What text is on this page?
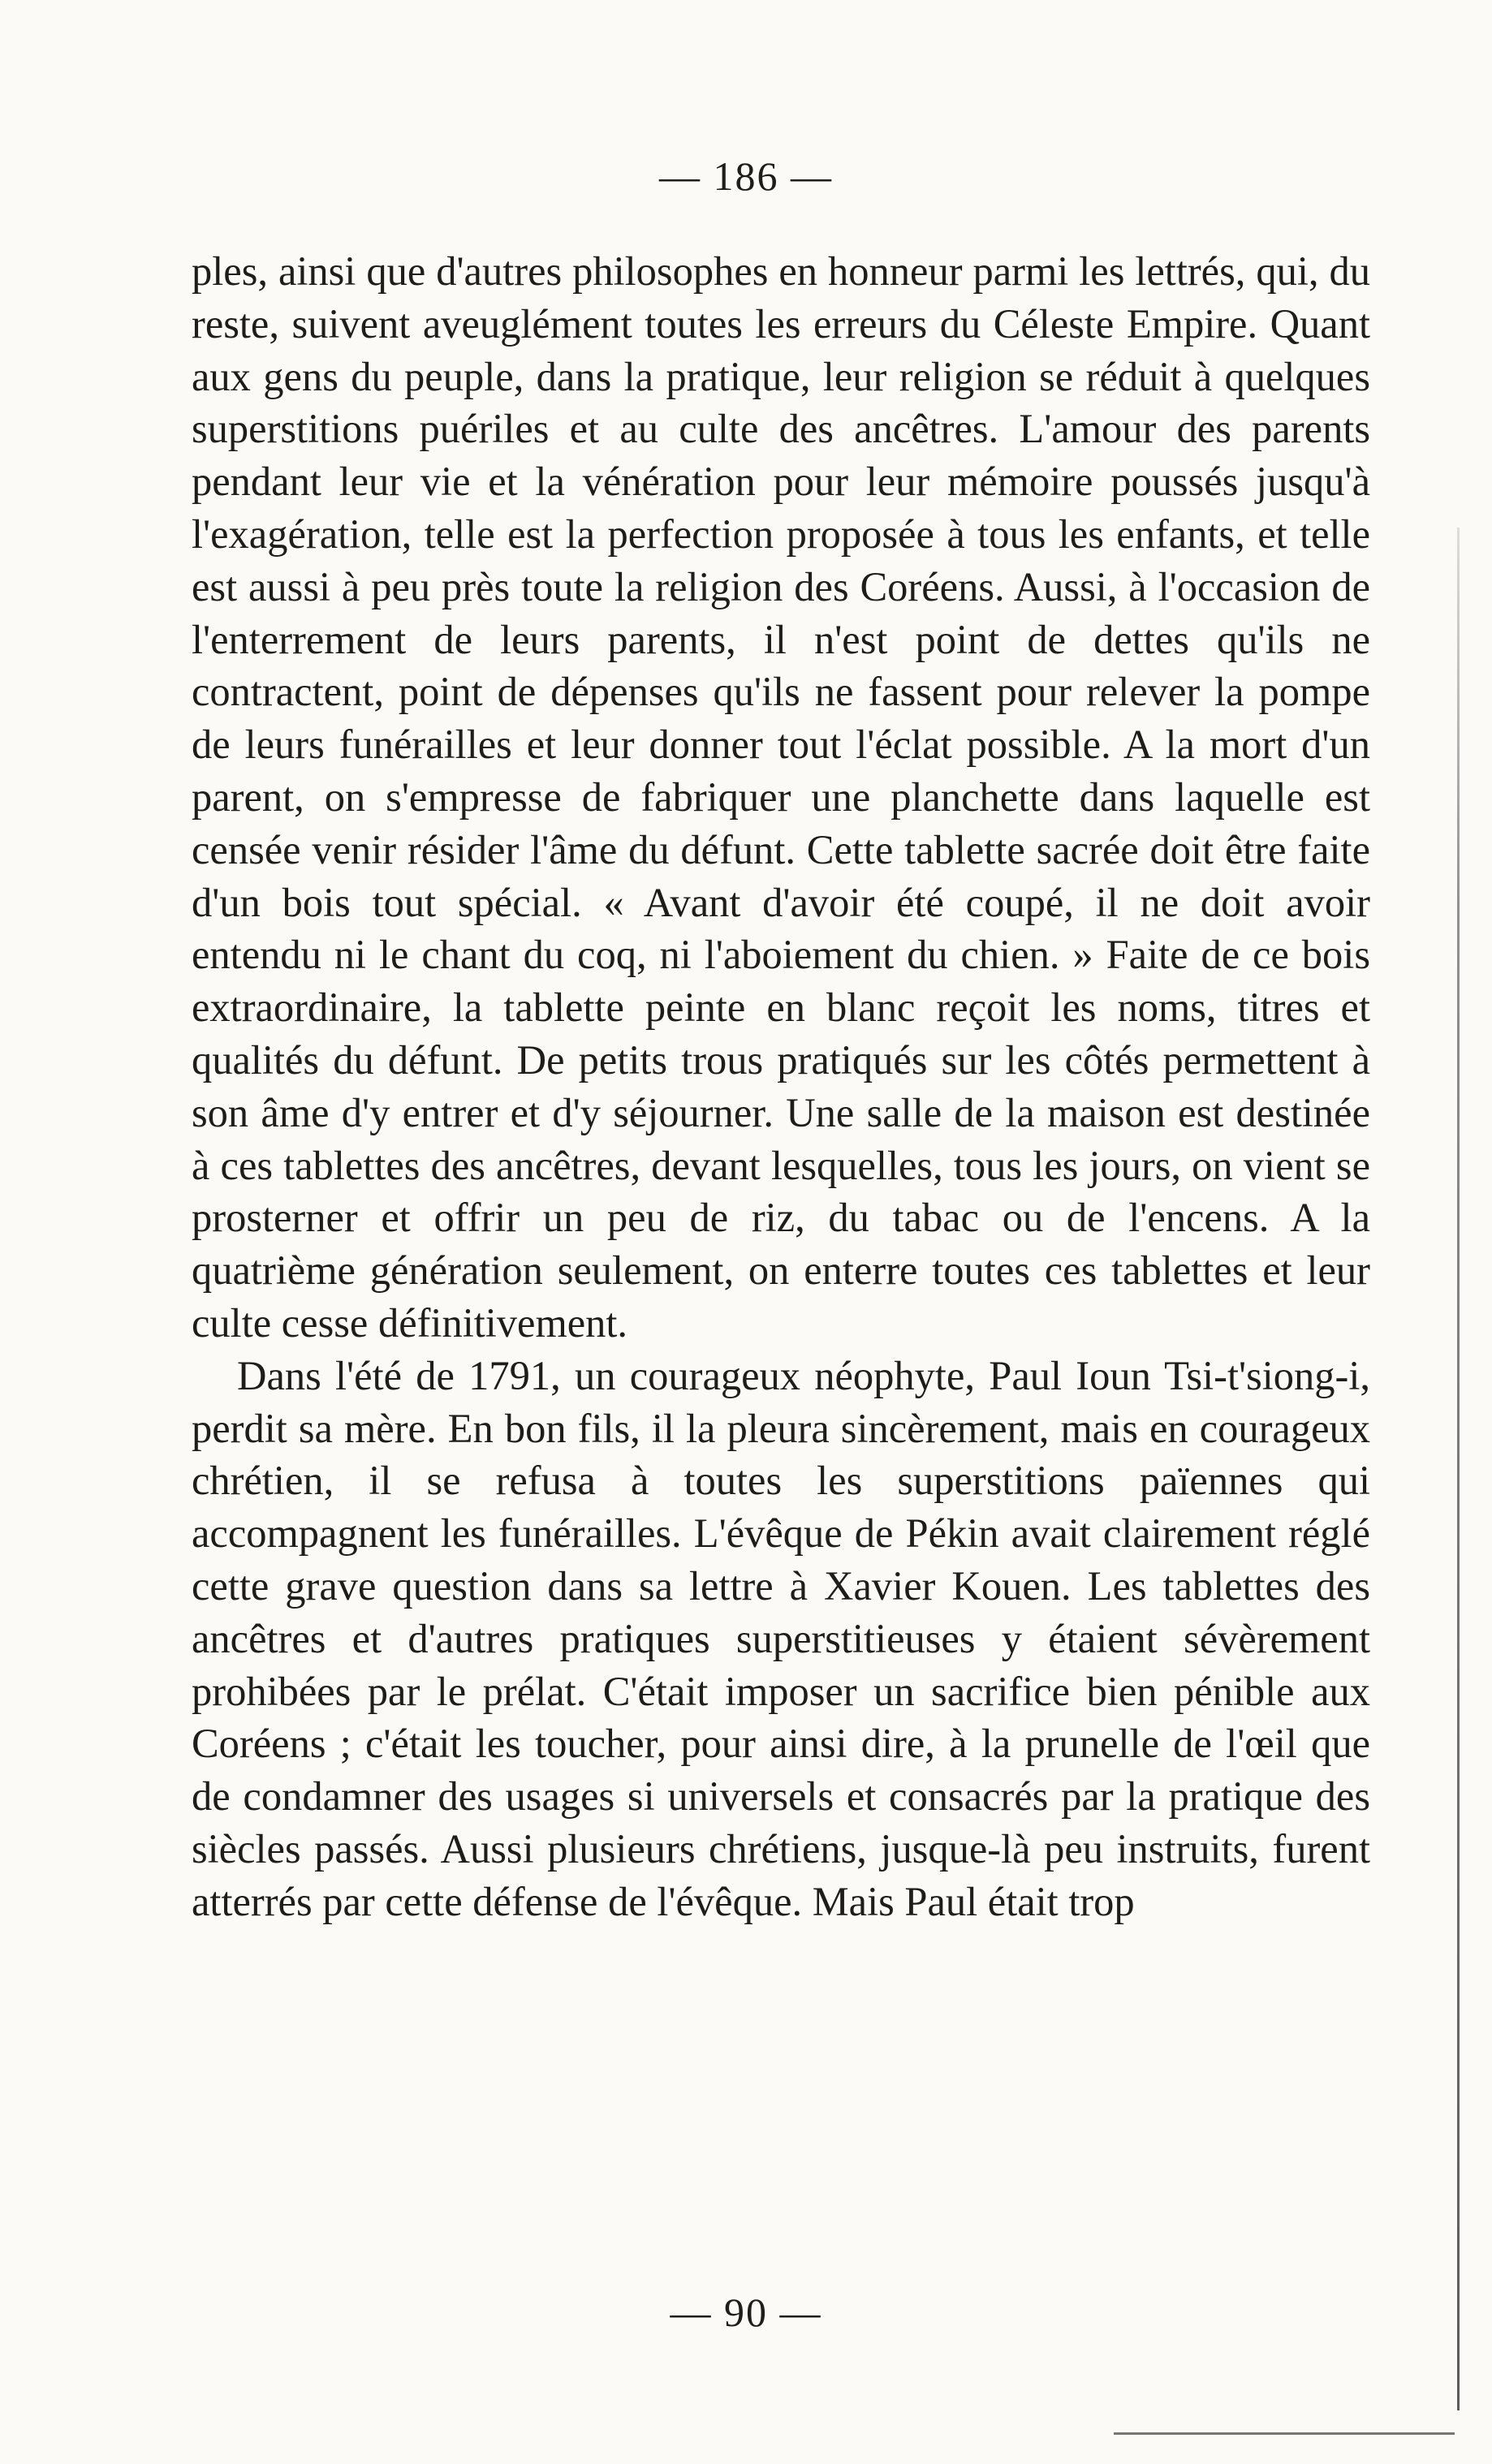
— 186 —

ples, ainsi que d'autres philosophes en honneur parmi les lettrés, qui, du reste, suivent aveuglément toutes les erreurs du Céleste Empire. Quant aux gens du peuple, dans la pratique, leur religion se réduit à quelques superstitions puériles et au culte des ancêtres. L'amour des parents pendant leur vie et la vénération pour leur mémoire poussés jusqu'à l'exagération, telle est la perfection proposée à tous les enfants, et telle est aussi à peu près toute la religion des Coréens. Aussi, à l'occasion de l'enterrement de leurs parents, il n'est point de dettes qu'ils ne contractent, point de dépenses qu'ils ne fassent pour relever la pompe de leurs funérailles et leur donner tout l'éclat possible. A la mort d'un parent, on s'empresse de fabriquer une planchette dans laquelle est censée venir résider l'âme du défunt. Cette tablette sacrée doit être faite d'un bois tout spécial. « Avant d'avoir été coupé, il ne doit avoir entendu ni le chant du coq, ni l'aboiement du chien. » Faite de ce bois extraordinaire, la tablette peinte en blanc reçoit les noms, titres et qualités du défunt. De petits trous pratiqués sur les côtés permettent à son âme d'y entrer et d'y séjourner. Une salle de la maison est destinée à ces tablettes des ancêtres, devant lesquelles, tous les jours, on vient se prosterner et offrir un peu de riz, du tabac ou de l'encens. A la quatrième génération seulement, on enterre toutes ces tablettes et leur culte cesse définitivement.

Dans l'été de 1791, un courageux néophyte, Paul Ioun Tsi-t'siong-i, perdit sa mère. En bon fils, il la pleura sincèrement, mais en courageux chrétien, il se refusa à toutes les superstitions païennes qui accompagnent les funérailles. L'évêque de Pékin avait clairement réglé cette grave question dans sa lettre à Xavier Kouen. Les tablettes des ancêtres et d'autres pratiques superstitieuses y étaient sévèrement prohibées par le prélat. C'était imposer un sacrifice bien pénible aux Coréens ; c'était les toucher, pour ainsi dire, à la prunelle de l'œil que de condamner des usages si universels et consacrés par la pratique des siècles passés. Aussi plusieurs chrétiens, jusque-là peu instruits, furent atterrés par cette défense de l'évêque. Mais Paul était trop

— 90 —
